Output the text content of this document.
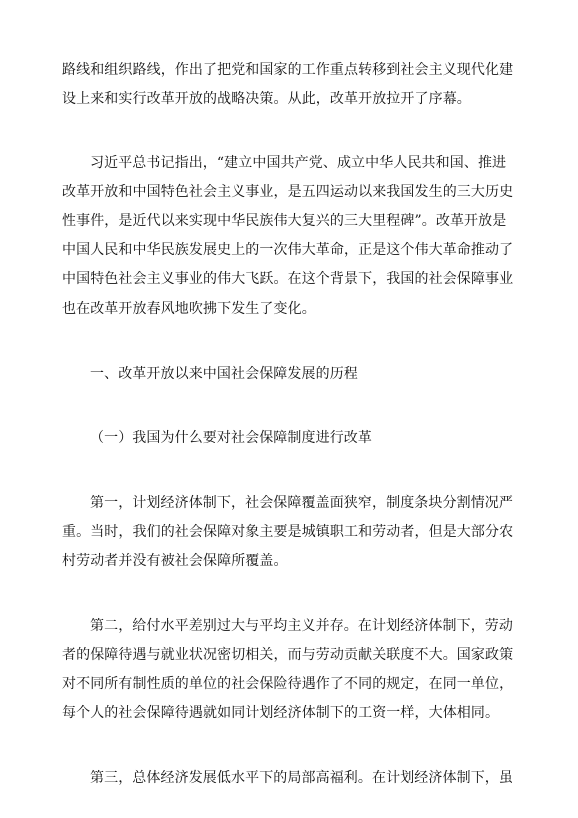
路线和组织路线，作出了把党和国家的工作重点转移到社会主义现代化建
设上来和实行改革开放的战略决策。从此，改革开放拉开了序幕。
习近平总书记指出，“建立中国共产党、成立中华人民共和国、推进
改革开放和中国特色社会主义事业，是五四运动以来我国发生的三大历史
性事件，是近代以来实现中华民族伟大复兴的三大里程碑”。改革开放是
中国人民和中华民族发展史上的一次伟大革命，正是这个伟大革命推动了
中国特色社会主义事业的伟大飞跃。在这个背景下，我国的社会保障事业
也在改革开放春风地吹拂下发生了变化。
一、改革开放以来中国社会保障发展的历程
（一）我国为什么要对社会保障制度进行改革
第一，计划经济体制下，社会保障覆盖面狭窄，制度条块分割情况严
重。当时，我们的社会保障对象主要是城镇职工和劳动者，但是大部分农
村劳动者并没有被社会保障所覆盖。
第二，给付水平差别过大与平均主义并存。在计划经济体制下，劳动
者的保障待遇与就业状况密切相关，而与劳动贡献关联度不大。国家政策
对不同所有制性质的单位的社会保险待遇作了不同的规定，在同一单位，
每个人的社会保障待遇就如同计划经济体制下的工资一样，大体相同。
第三，总体经济发展低水平下的局部高福利。在计划经济体制下，虽
